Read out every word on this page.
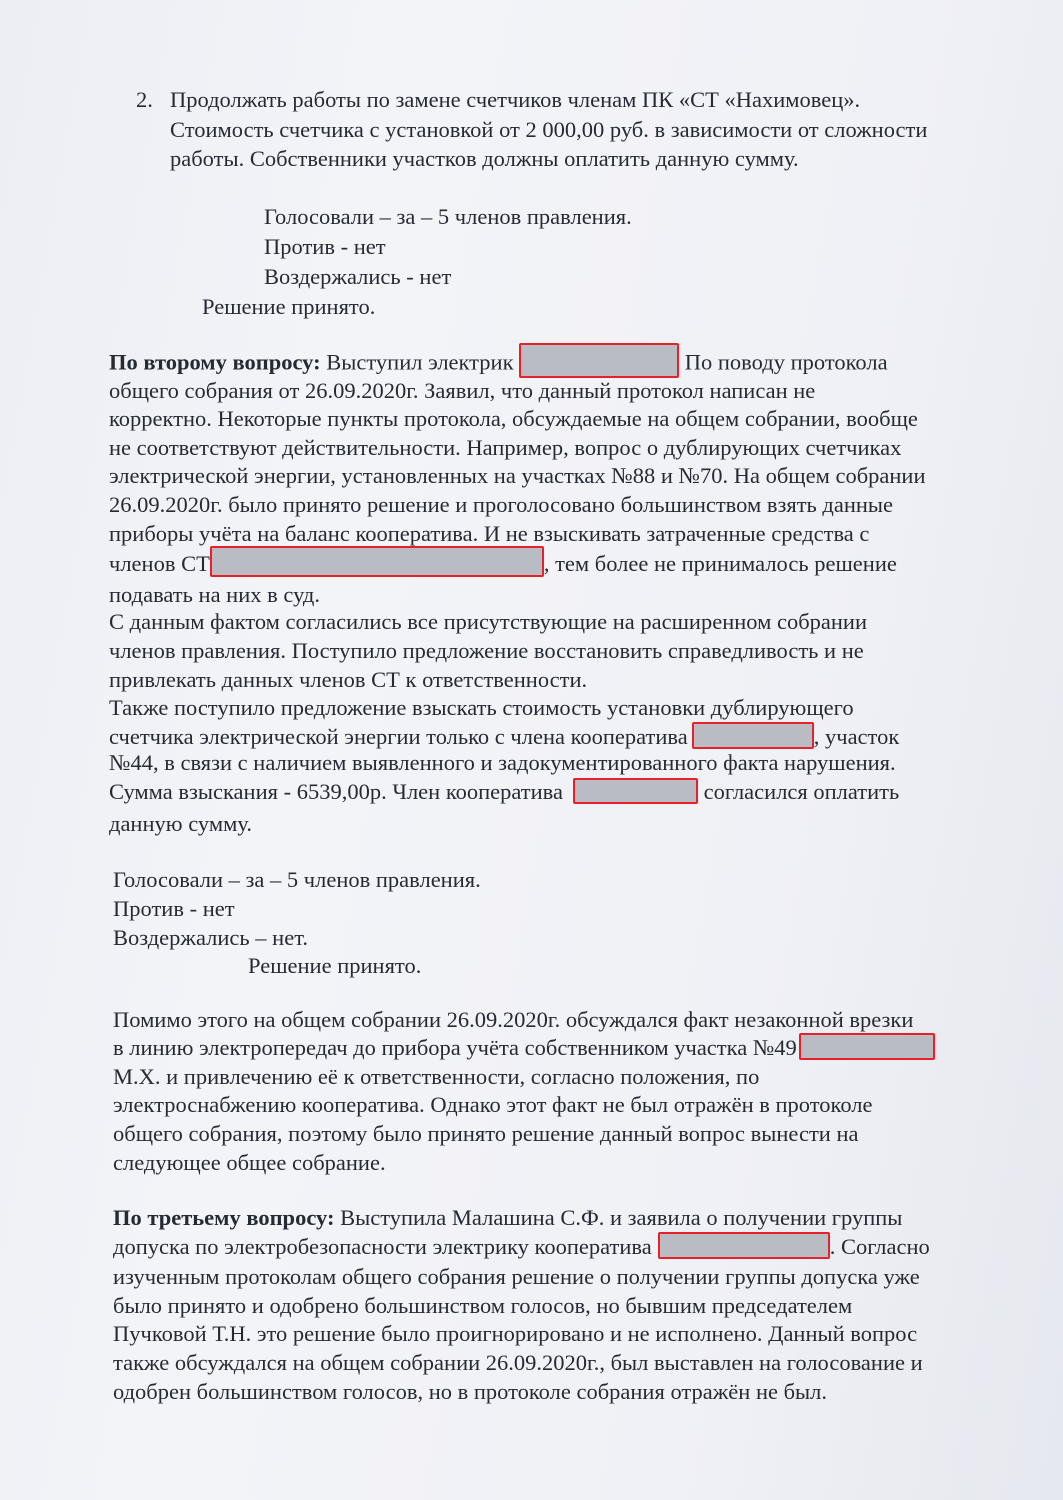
2. Продолжать работы по замене счетчиков членам ПК «СТ «Нахимовец».
Стоимость счетчика с установкой от 2 000,00 руб. в зависимости от сложности
работы. Собственники участков должны оплатить данную сумму.
Голосовали – за – 5 членов правления.
Против - нет
Воздержались - нет
Решение принято.
По второму вопросу: Выступил электрик	По поводу протокола
общего собрания от 26.09.2020г. Заявил, что данный протокол написан не
корректно. Некоторые пункты протокола, обсуждаемые на общем собрании, вообще
не соответствуют действительности. Например, вопрос о дублирующих счетчиках
электрической энергии, установленных на участках №88 и №70. На общем собрании
26.09.2020г. было принято решение и проголосовано большинством взять данные
приборы учёта на баланс кооператива. И не взыскивать затраченные средства с
членов СТ	, тем более не принималось решение
подавать на них в суд.
С данным фактом согласились все присутствующие на расширенном собрании
членов правления. Поступило предложение восстановить справедливость и не
привлекать данных членов СТ к ответственности.
Также поступило предложение взыскать стоимость установки дублирующего
счетчика электрической энергии только с члена кооператива	, участок
№44, в связи с наличием выявленного и задокументированного факта нарушения.
Сумма взыскания - 6539,00р. Член кооператива	согласился оплатить
данную сумму.
Голосовали – за – 5 членов правления.
Против - нет
Воздержались – нет.
Решение принято.
Помимо этого на общем собрании 26.09.2020г. обсуждался факт незаконной врезки
в линию электропередач до прибора учёта собственником участка №49
М.Х. и привлечению её к ответственности, согласно положения, по
электроснабжению кооператива. Однако этот факт не был отражён в протоколе
общего собрания, поэтому было принято решение данный вопрос вынести на
следующее общее собрание.
По третьему вопросу: Выступила Малашина С.Ф. и заявила о получении группы
допуска по электробезопасности электрику кооператива	. Согласно
изученным протоколам общего собрания решение о получении группы допуска уже
было принято и одобрено большинством голосов, но бывшим председателем
Пучковой Т.Н. это решение было проигнорировано и не исполнено. Данный вопрос
также обсуждался на общем собрании 26.09.2020г., был выставлен на голосование и
одобрен большинством голосов, но в протоколе собрания отражён не был.
